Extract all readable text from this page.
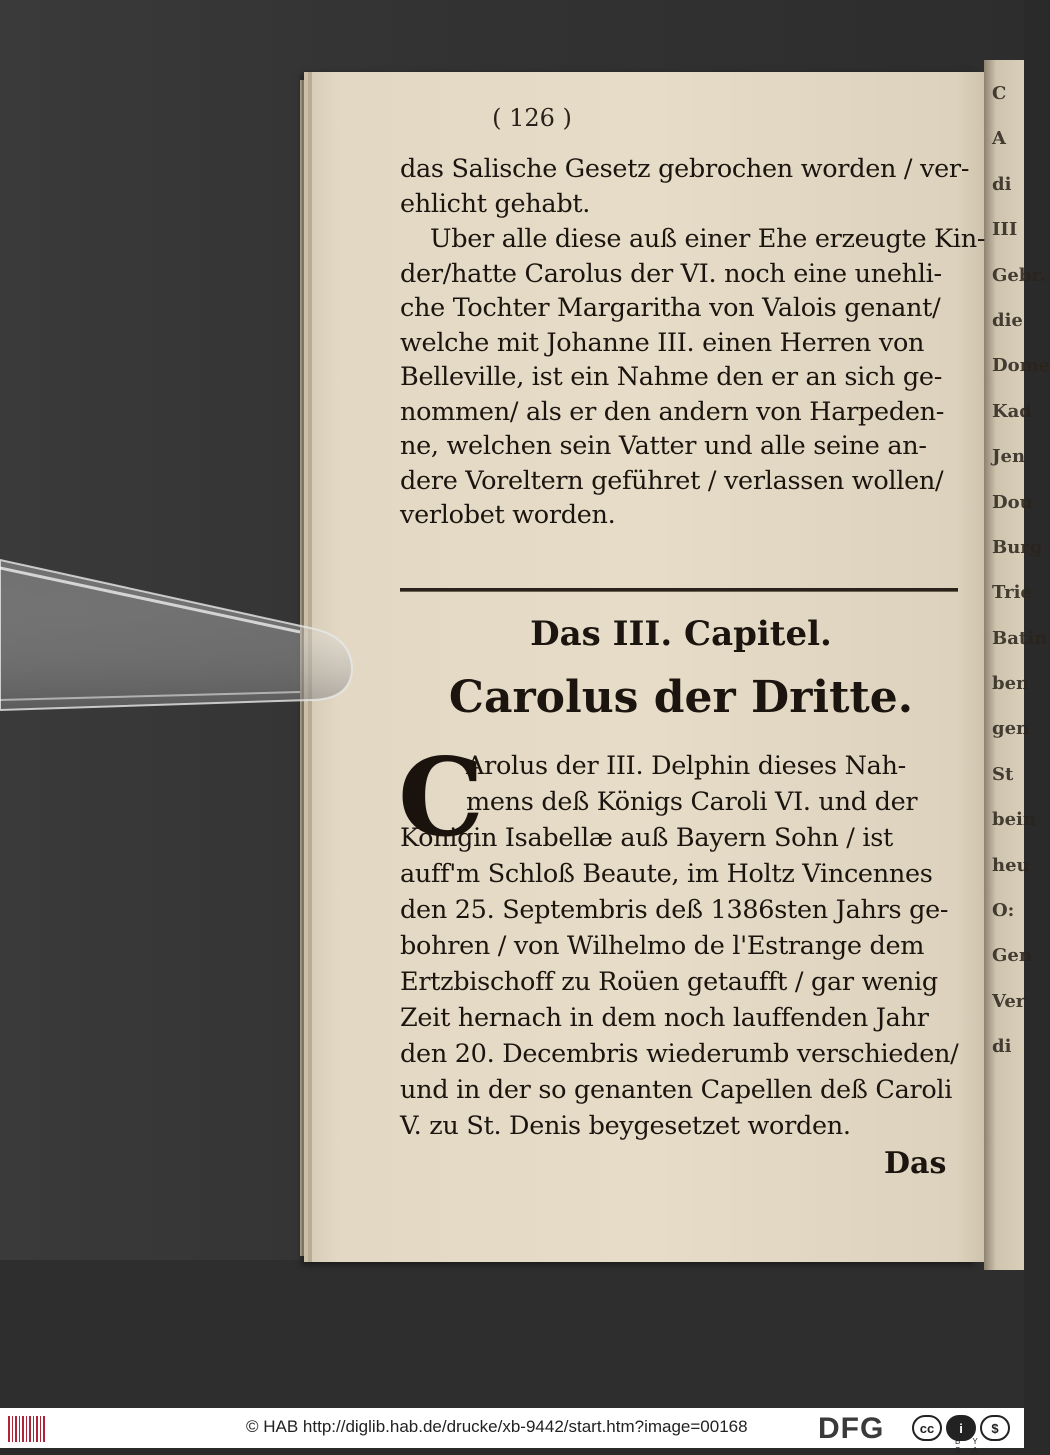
C
A
di
III
Gebr.
die
Dome
Kad
Jen
Dou
Burg
Trie
Batin
ben
gen
St
bein
heu
O:
Gen
Ver
di
( 126 )
das Salische Gesetz gebrochen worden / ver-
ehlicht gehabt.
Uber alle diese auß einer Ehe erzeugte Kin-
der/hatte Carolus der VI. noch eine unehli-
che Tochter Margaritha von Valois genant/
welche mit Johanne III. einen Herren von
Belleville, ist ein Nahme den er an sich ge-
nommen/ als er den andern von Harpeden-
ne, welchen sein Vatter und alle seine an-
dere Voreltern geführet / verlassen wollen/
verlobet worden.
Das III. Capitel.
Carolus der Dritte.
C
Arolus der III. Delphin dieses Nah-
mens deß Königs Caroli VI. und der
Königin Isabellæ auß Bayern Sohn / ist
auff'm Schloß Beaute, im Holtz Vincennes
den 25. Septembris deß 1386sten Jahrs ge-
bohren / von Wilhelmo de l'Estrange dem
Ertzbischoff zu Roüen getaufft / gar wenig
Zeit hernach in dem noch lauffenden Jahr
den 20. Decembris wiederumb verschieden/
und in der so genanten Capellen deß Caroli
V. zu St. Denis beygesetzet worden.
Das
© HAB http://diglib.hab.de/drucke/xb-9442/start.htm?image=00168 DFG	cc	i	$
BY SA
